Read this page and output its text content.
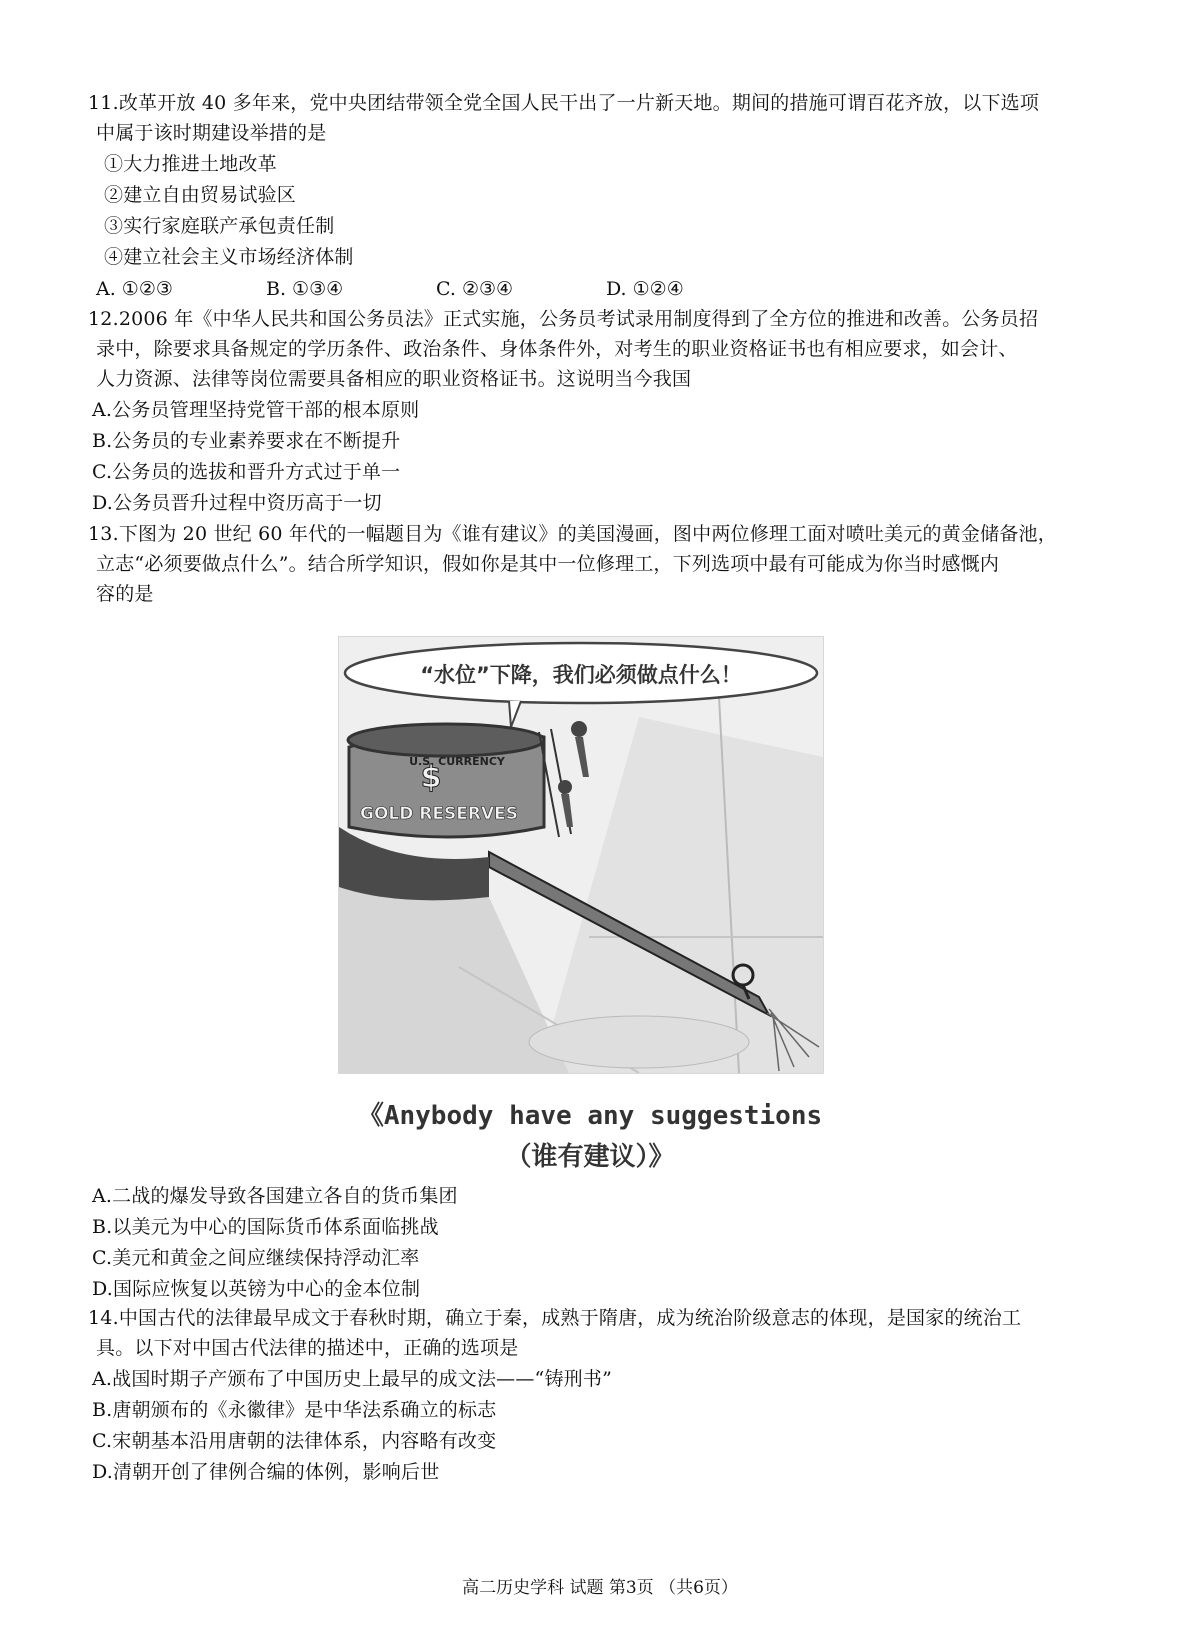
11.改革开放 40 多年来，党中央团结带领全党全国人民干出了一片新天地。期间的措施可谓百花齐放，以下选项
中属于该时期建设举措的是
①大力推进土地改革
②建立自由贸易试验区
③实行家庭联产承包责任制
④建立社会主义市场经济体制
A. ①②③	B. ①③④	C. ②③④	D. ①②④
12.2006 年《中华人民共和国公务员法》正式实施，公务员考试录用制度得到了全方位的推进和改善。公务员招
录中，除要求具备规定的学历条件、政治条件、身体条件外，对考生的职业资格证书也有相应要求，如会计、
人力资源、法律等岗位需要具备相应的职业资格证书。这说明当今我国
A.公务员管理坚持党管干部的根本原则
B.公务员的专业素养要求在不断提升
C.公务员的选拔和晋升方式过于单一
D.公务员晋升过程中资历高于一切
13.下图为 20 世纪 60 年代的一幅题目为《谁有建议》的美国漫画，图中两位修理工面对喷吐美元的黄金储备池，
立志“必须要做点什么”。结合所学知识，假如你是其中一位修理工，下列选项中最有可能成为你当时感慨内
容的是
“水位”下降，我们必须做点什么！
U.S. CURRENCY
$
GOLD RESERVES
《Anybody have any suggestions
（谁有建议）》
A.二战的爆发导致各国建立各自的货币集团
B.以美元为中心的国际货币体系面临挑战
C.美元和黄金之间应继续保持浮动汇率
D.国际应恢复以英镑为中心的金本位制
14.中国古代的法律最早成文于春秋时期，确立于秦，成熟于隋唐，成为统治阶级意志的体现，是国家的统治工
具。以下对中国古代法律的描述中，正确的选项是
A.战国时期子产颁布了中国历史上最早的成文法——“铸刑书”
B.唐朝颁布的《永徽律》是中华法系确立的标志
C.宋朝基本沿用唐朝的法律体系，内容略有改变
D.清朝开创了律例合编的体例，影响后世
高二历史学科 试题 第3页 （共6页）
